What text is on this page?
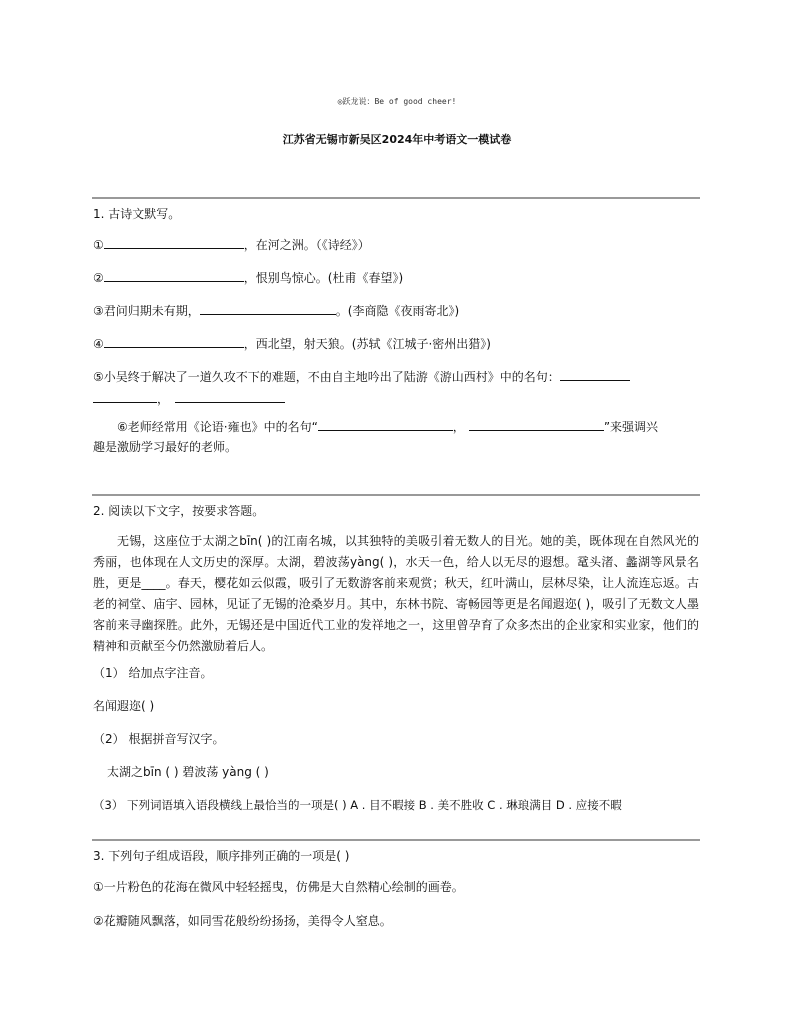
◎跃龙说：Be of good cheer!
江苏省无锡市新吴区2024年中考语文一模试卷
1. 古诗文默写。
①	，在河之洲。（《诗经》）
②	，恨别鸟惊心。(杜甫《春望》)
③君问归期未有期，	。(李商隐《夜雨寄北》)
④	，西北望，射天狼。(苏轼《江城子·密州出猎》)
⑤小吴终于解决了一道久攻不下的难题，不由自主地吟出了陆游《游山西村》中的名句：
，
⑥老师经常用《论语·雍也》中的名句“	，	”来强调兴
趣是激励学习最好的老师。
2. 阅读以下文字，按要求答题。
无锡，这座位于太湖之bīn( )的江南名城，以其独特的美吸引着无数人的目光。她的美，既体现在自然风光的秀丽，也体现在人文历史的深厚。太湖，碧波荡yàng( )，水天一色，给人以无尽的遐想。鼋头渚、蠡湖等风景名胜，更是____。春天，樱花如云似霞，吸引了无数游客前来观赏；秋天，红叶满山，层林尽染，让人流连忘返。古老的祠堂、庙宇、园林，见证了无锡的沧桑岁月。其中，东林书院、寄畅园等更是名闻遐迩( )，吸引了无数文人墨客前来寻幽探胜。此外，无锡还是中国近代工业的发祥地之一，这里曾孕育了众多杰出的企业家和实业家，他们的精神和贡献至今仍然激励着后人。
（1） 给加点字注音。
名闻遐迩( )
（2） 根据拼音写汉字。
太湖之bīn ( ) 碧波荡 yàng ( )
（3） 下列词语填入语段横线上最恰当的一项是( ) A . 目不暇接 B . 美不胜收 C . 琳琅满目 D . 应接不暇
3. 下列句子组成语段，顺序排列正确的一项是( )
①一片粉色的花海在微风中轻轻摇曳，仿佛是大自然精心绘制的画卷。
②花瓣随风飘落，如同雪花般纷纷扬扬，美得令人窒息。
